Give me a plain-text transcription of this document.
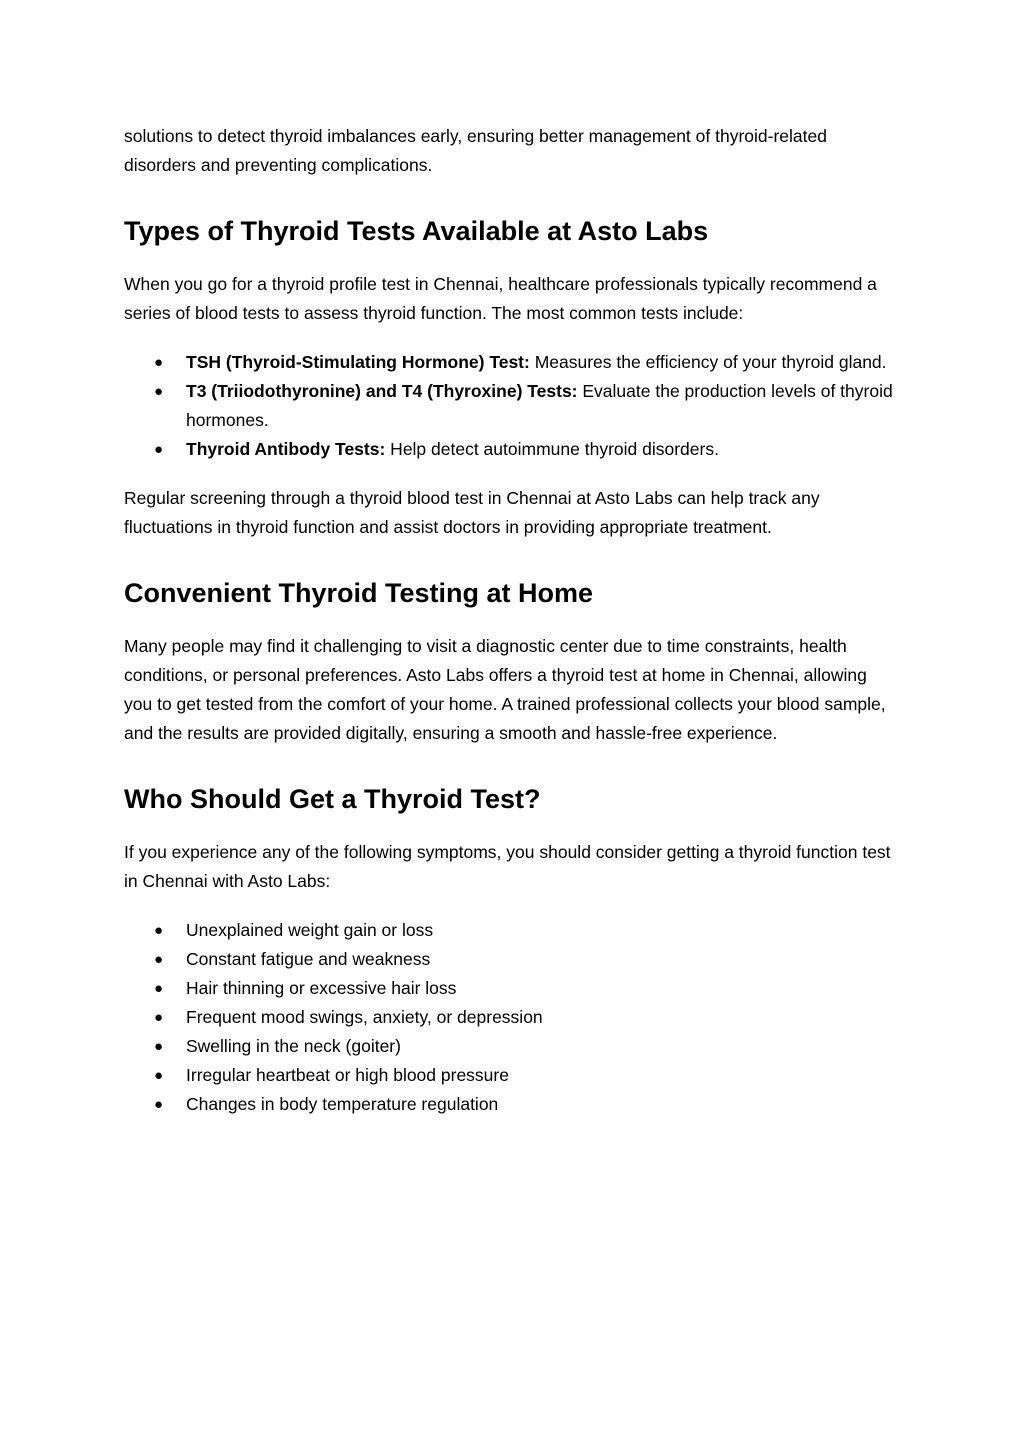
solutions to detect thyroid imbalances early, ensuring better management of thyroid-related disorders and preventing complications.

Types of Thyroid Tests Available at Asto Labs

When you go for a thyroid profile test in Chennai, healthcare professionals typically recommend a series of blood tests to assess thyroid function. The most common tests include:

● TSH (Thyroid-Stimulating Hormone) Test: Measures the efficiency of your thyroid gland.
● T3 (Triiodothyronine) and T4 (Thyroxine) Tests: Evaluate the production levels of thyroid hormones.
● Thyroid Antibody Tests: Help detect autoimmune thyroid disorders.

Regular screening through a thyroid blood test in Chennai at Asto Labs can help track any fluctuations in thyroid function and assist doctors in providing appropriate treatment.

Convenient Thyroid Testing at Home

Many people may find it challenging to visit a diagnostic center due to time constraints, health conditions, or personal preferences. Asto Labs offers a thyroid test at home in Chennai, allowing you to get tested from the comfort of your home. A trained professional collects your blood sample, and the results are provided digitally, ensuring a smooth and hassle-free experience.

Who Should Get a Thyroid Test?

If you experience any of the following symptoms, you should consider getting a thyroid function test in Chennai with Asto Labs:

● Unexplained weight gain or loss
● Constant fatigue and weakness
● Hair thinning or excessive hair loss
● Frequent mood swings, anxiety, or depression
● Swelling in the neck (goiter)
● Irregular heartbeat or high blood pressure
● Changes in body temperature regulation
